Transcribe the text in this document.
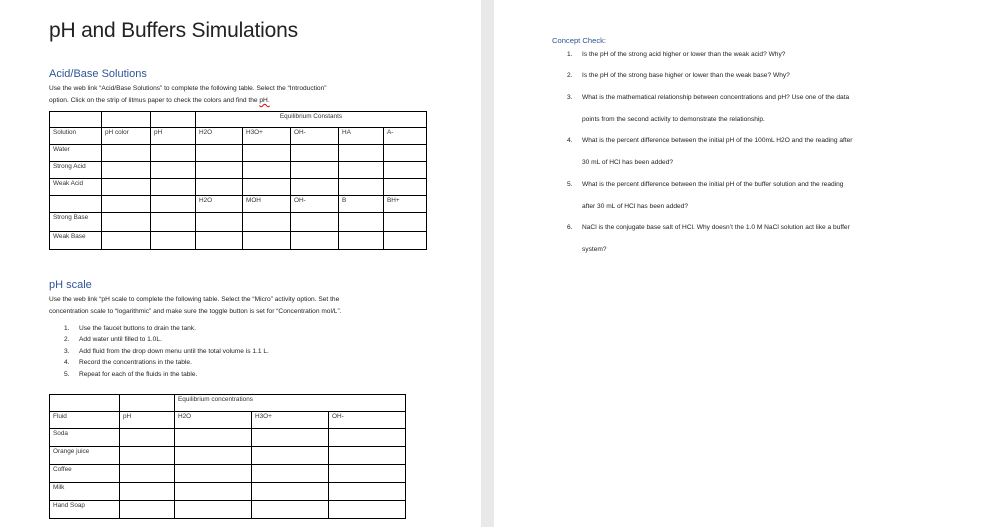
pH and Buffers Simulations
Acid/Base Solutions
Use the web link “Acid/Base Solutions” to complete the following table. Select the “Introduction”
option. Click on the strip of litmus paper to check the colors and find the pH.
			Equilibrium Constants				
Solution	pH color	pH	H2O	H3O+	OH-	HA	A-
Water							
Strong Acid							
Weak Acid							
			H2O	MOH	OH-	B	BH+
Strong Base							
Weak Base							
pH scale
Use the web link “pH scale to complete the following table. Select the “Micro” activity option. Set the
concentration scale to “logarithmic” and make sure the toggle button is set for “Concentration mol/L”.
1. Use the faucet buttons to drain the tank.
2. Add water until filled to 1.0L.
3. Add fluid from the drop down menu until the total volume is 1.1 L.
4. Record the concentrations in the table.
5. Repeat for each of the fluids in the table.
		Equilibrium concentrations		
Fluid	pH	H2O	H3O+	OH-
Soda				
Orange juice				
Coffee				
Milk				
Hand Soap				
Concept Check:
1. Is the pH of the strong acid higher or lower than the weak acid? Why?
2. Is the pH of the strong base higher or lower than the weak base? Why?
3. What is the mathematical relationship between concentrations and pH? Use one of the data
points from the second activity to demonstrate the relationship.
4. What is the percent difference between the initial pH of the 100mL H2O and the reading after
30 mL of HCl has been added?
5. What is the percent difference between the initial pH of the buffer solution and the reading
after 30 mL of HCl has been added?
6. NaCl is the conjugate base salt of HCl. Why doesn’t the 1.0 M NaCl solution act like a buffer
system?
